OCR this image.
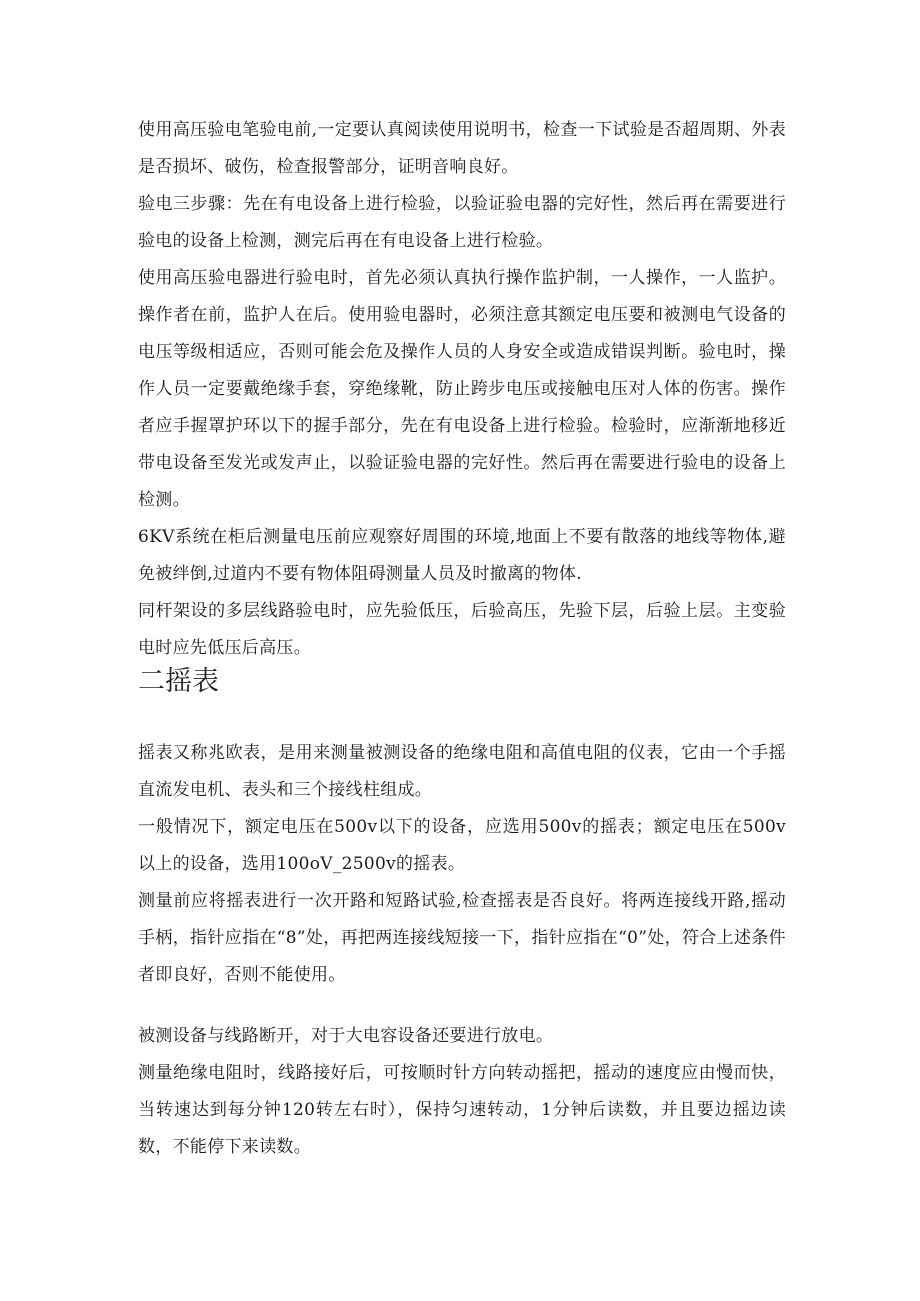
使用高压验电笔验电前,一定要认真阅读使用说明书，检查一下试验是否超周期、外表是否损坏、破伤，检查报警部分，证明音响良好。

验电三步骤：先在有电设备上进行检验，以验证验电器的完好性，然后再在需要进行验电的设备上检测，测完后再在有电设备上进行检验。

使用高压验电器进行验电时，首先必须认真执行操作监护制，一人操作，一人监护。操作者在前，监护人在后。使用验电器时，必须注意其额定电压要和被测电气设备的电压等级相适应，否则可能会危及操作人员的人身安全或造成错误判断。验电时，操作人员一定要戴绝缘手套，穿绝缘靴，防止跨步电压或接触电压对人体的伤害。操作者应手握罩护环以下的握手部分，先在有电设备上进行检验。检验时，应渐渐地移近带电设备至发光或发声止，以验证验电器的完好性。然后再在需要进行验电的设备上检测。

6KV系统在柜后测量电压前应观察好周围的环境,地面上不要有散落的地线等物体,避免被绊倒,过道内不要有物体阻碍测量人员及时撤离的物体.

同杆架设的多层线路验电时，应先验低压，后验高压，先验下层，后验上层。主变验电时应先低压后高压。

二摇表

摇表又称兆欧表，是用来测量被测设备的绝缘电阻和高值电阻的仪表，它由一个手摇直流发电机、表头和三个接线柱组成。

一般情况下，额定电压在500v以下的设备，应选用500v的摇表；额定电压在500v以上的设备，选用100oV_2500v的摇表。

测量前应将摇表进行一次开路和短路试验,检查摇表是否良好。将两连接线开路,摇动手柄，指针应指在“8”处，再把两连接线短接一下，指针应指在“0”处，符合上述条件者即良好，否则不能使用。

被测设备与线路断开，对于大电容设备还要进行放电。

测量绝缘电阻时，线路接好后，可按顺时针方向转动摇把，摇动的速度应由慢而快，当转速达到每分钟120转左右时），保持匀速转动，1分钟后读数，并且要边摇边读数，不能停下来读数。
